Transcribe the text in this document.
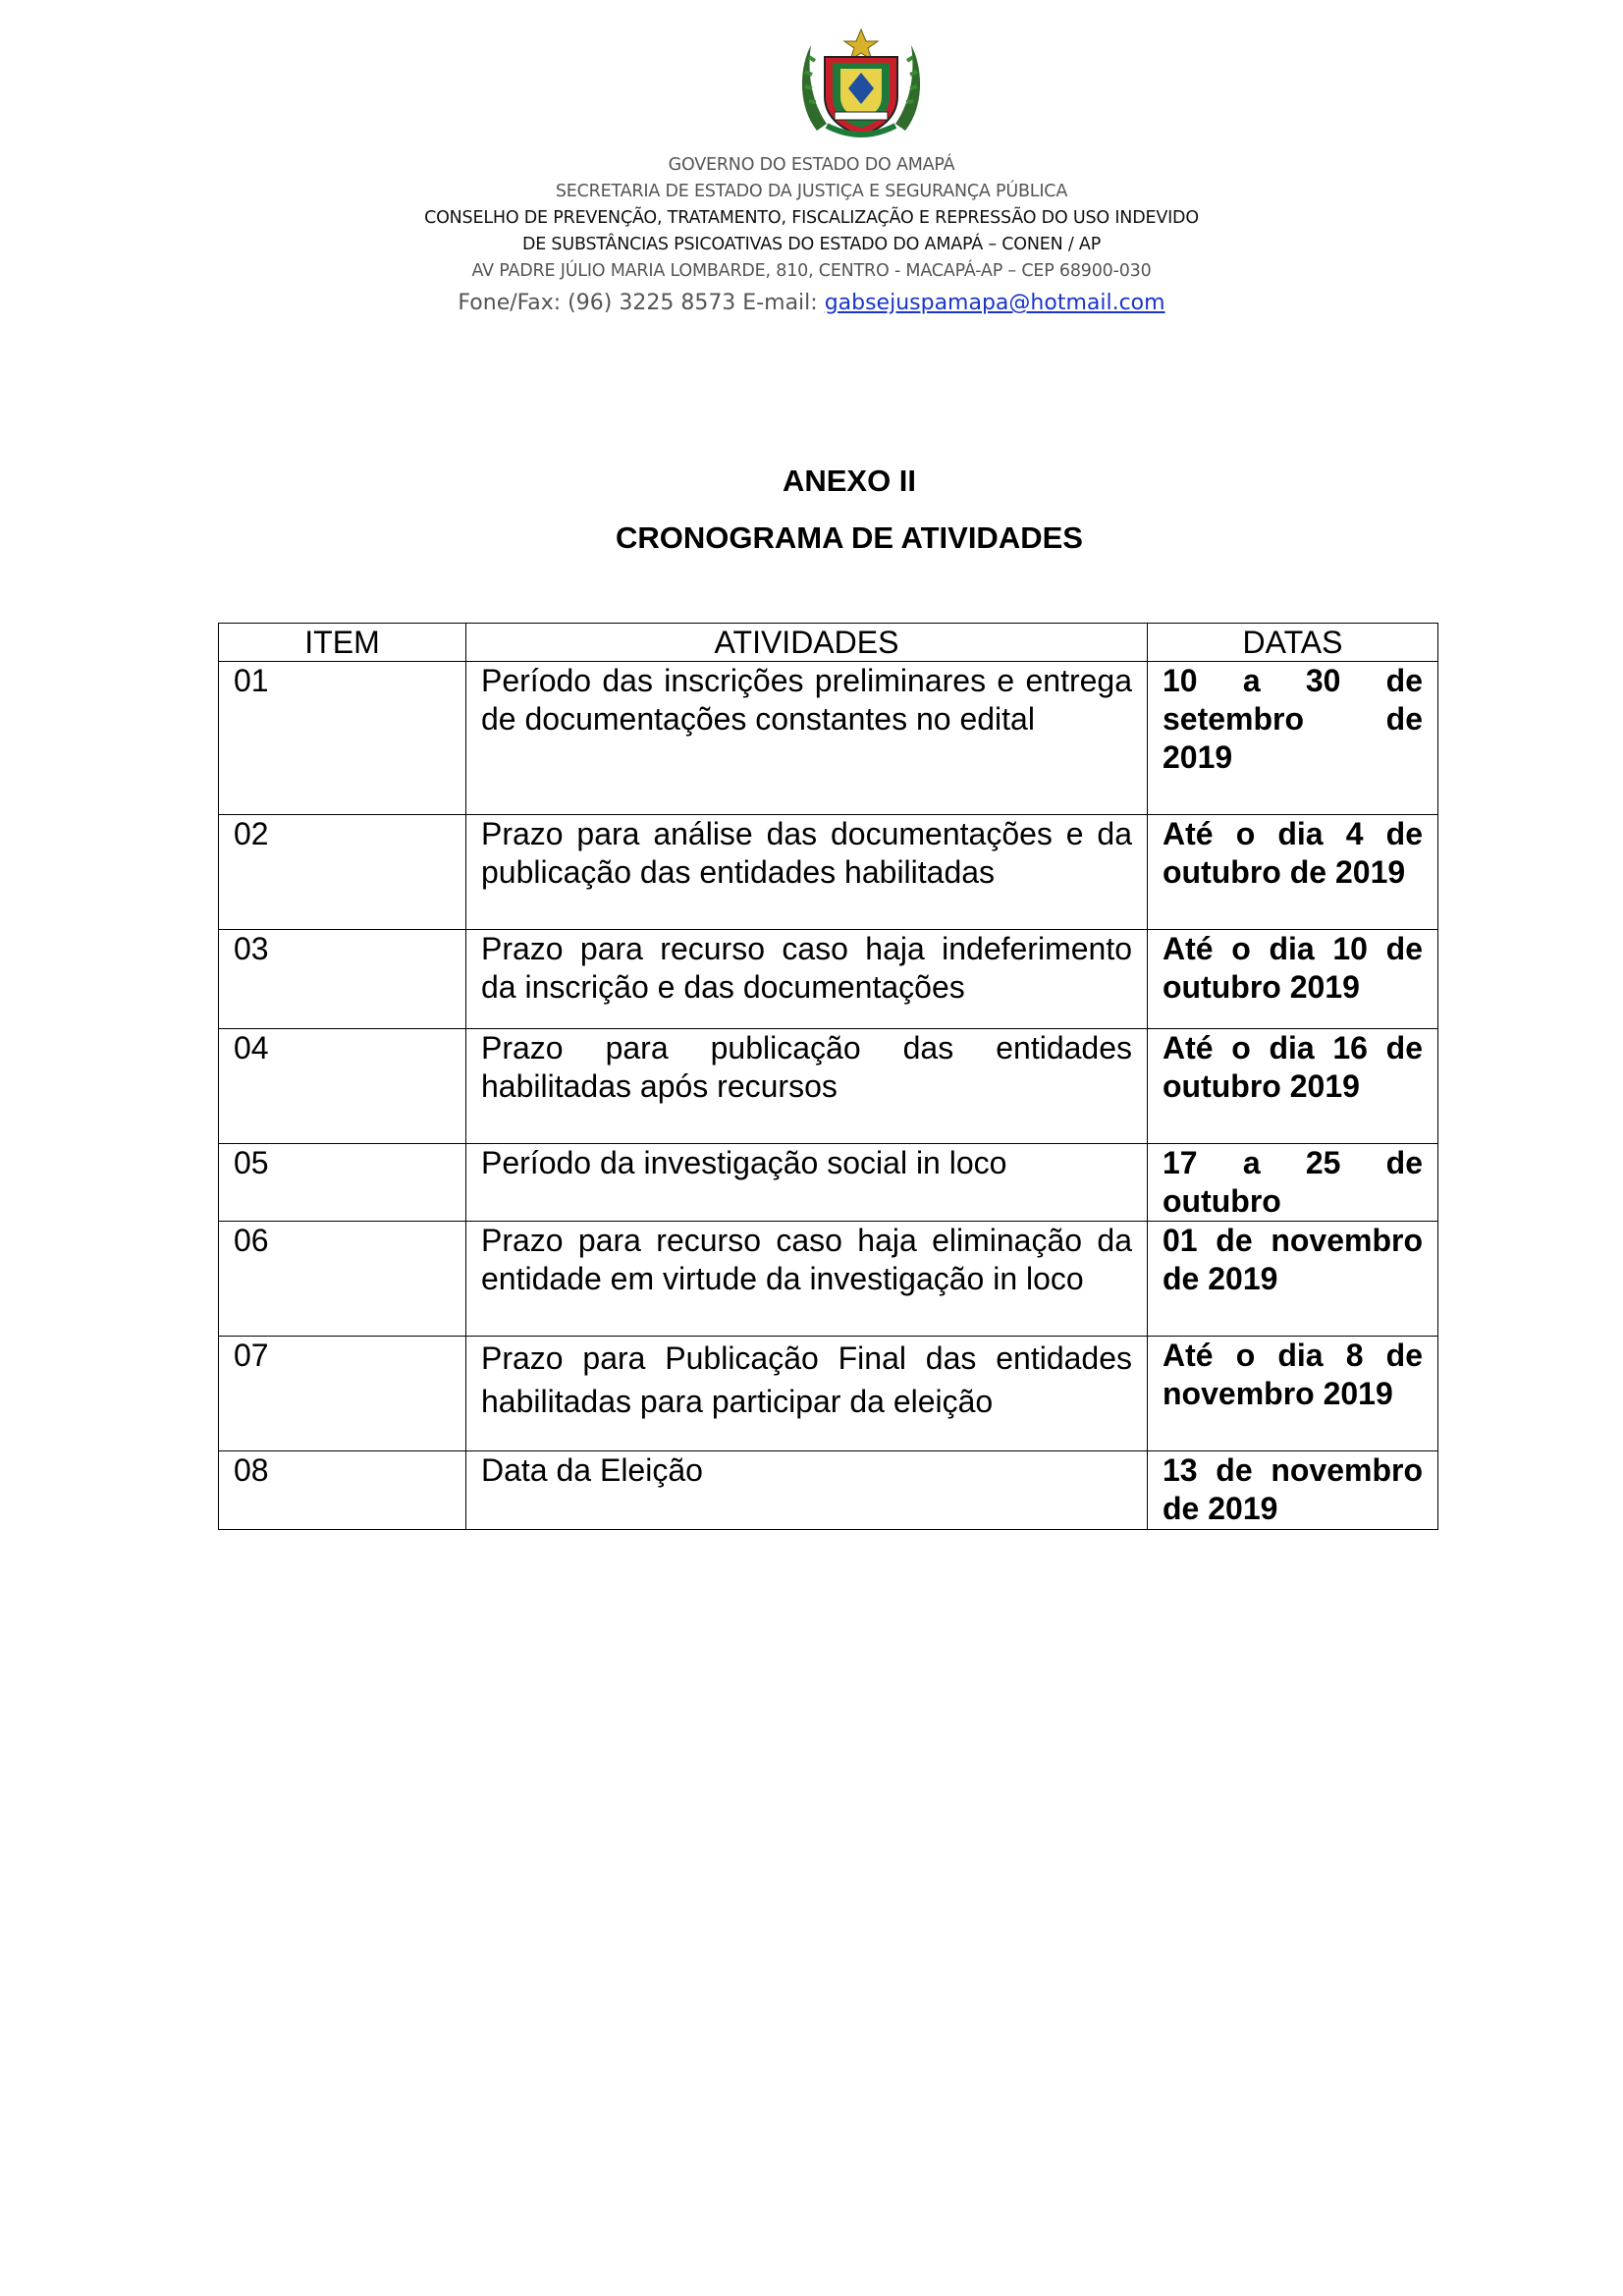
GOVERNO DO ESTADO DO AMAPÁ
SECRETARIA DE ESTADO DA JUSTIÇA E SEGURANÇA PÚBLICA
CONSELHO DE PREVENÇÃO, TRATAMENTO, FISCALIZAÇÃO E REPRESSÃO DO USO INDEVIDO
DE SUBSTÂNCIAS PSICOATIVAS DO ESTADO DO AMAPÁ – CONEN / AP
AV PADRE JÚLIO MARIA LOMBARDE, 810, CENTRO - MACAPÁ-AP – CEP 68900-030
Fone/Fax: (96) 3225 8573 E-mail: gabsejuspamapa@hotmail.com
ANEXO II
CRONOGRAMA DE ATIVIDADES
ITEM	ATIVIDADES	DATAS
01	Período das inscrições preliminares e entrega de documentações constantes no edital	10 a 30 de setembro de 2019
02	Prazo para análise das documentações e da publicação das entidades habilitadas	Até o dia 4 de outubro de 2019
03	Prazo para recurso caso haja indeferimento da inscrição e das documentações	Até o dia 10 de outubro 2019
04	Prazo para publicação das entidades habilitadas após recursos	Até o dia 16 de outubro 2019
05	Período da investigação social in loco	17 a 25 de outubro
06	Prazo para recurso caso haja eliminação da entidade em virtude da investigação in loco	01 de novembro de 2019
07	Prazo para Publicação Final das entidades habilitadas para participar da eleição	Até o dia 8 de novembro 2019
08	Data da Eleição	13 de novembro de 2019
